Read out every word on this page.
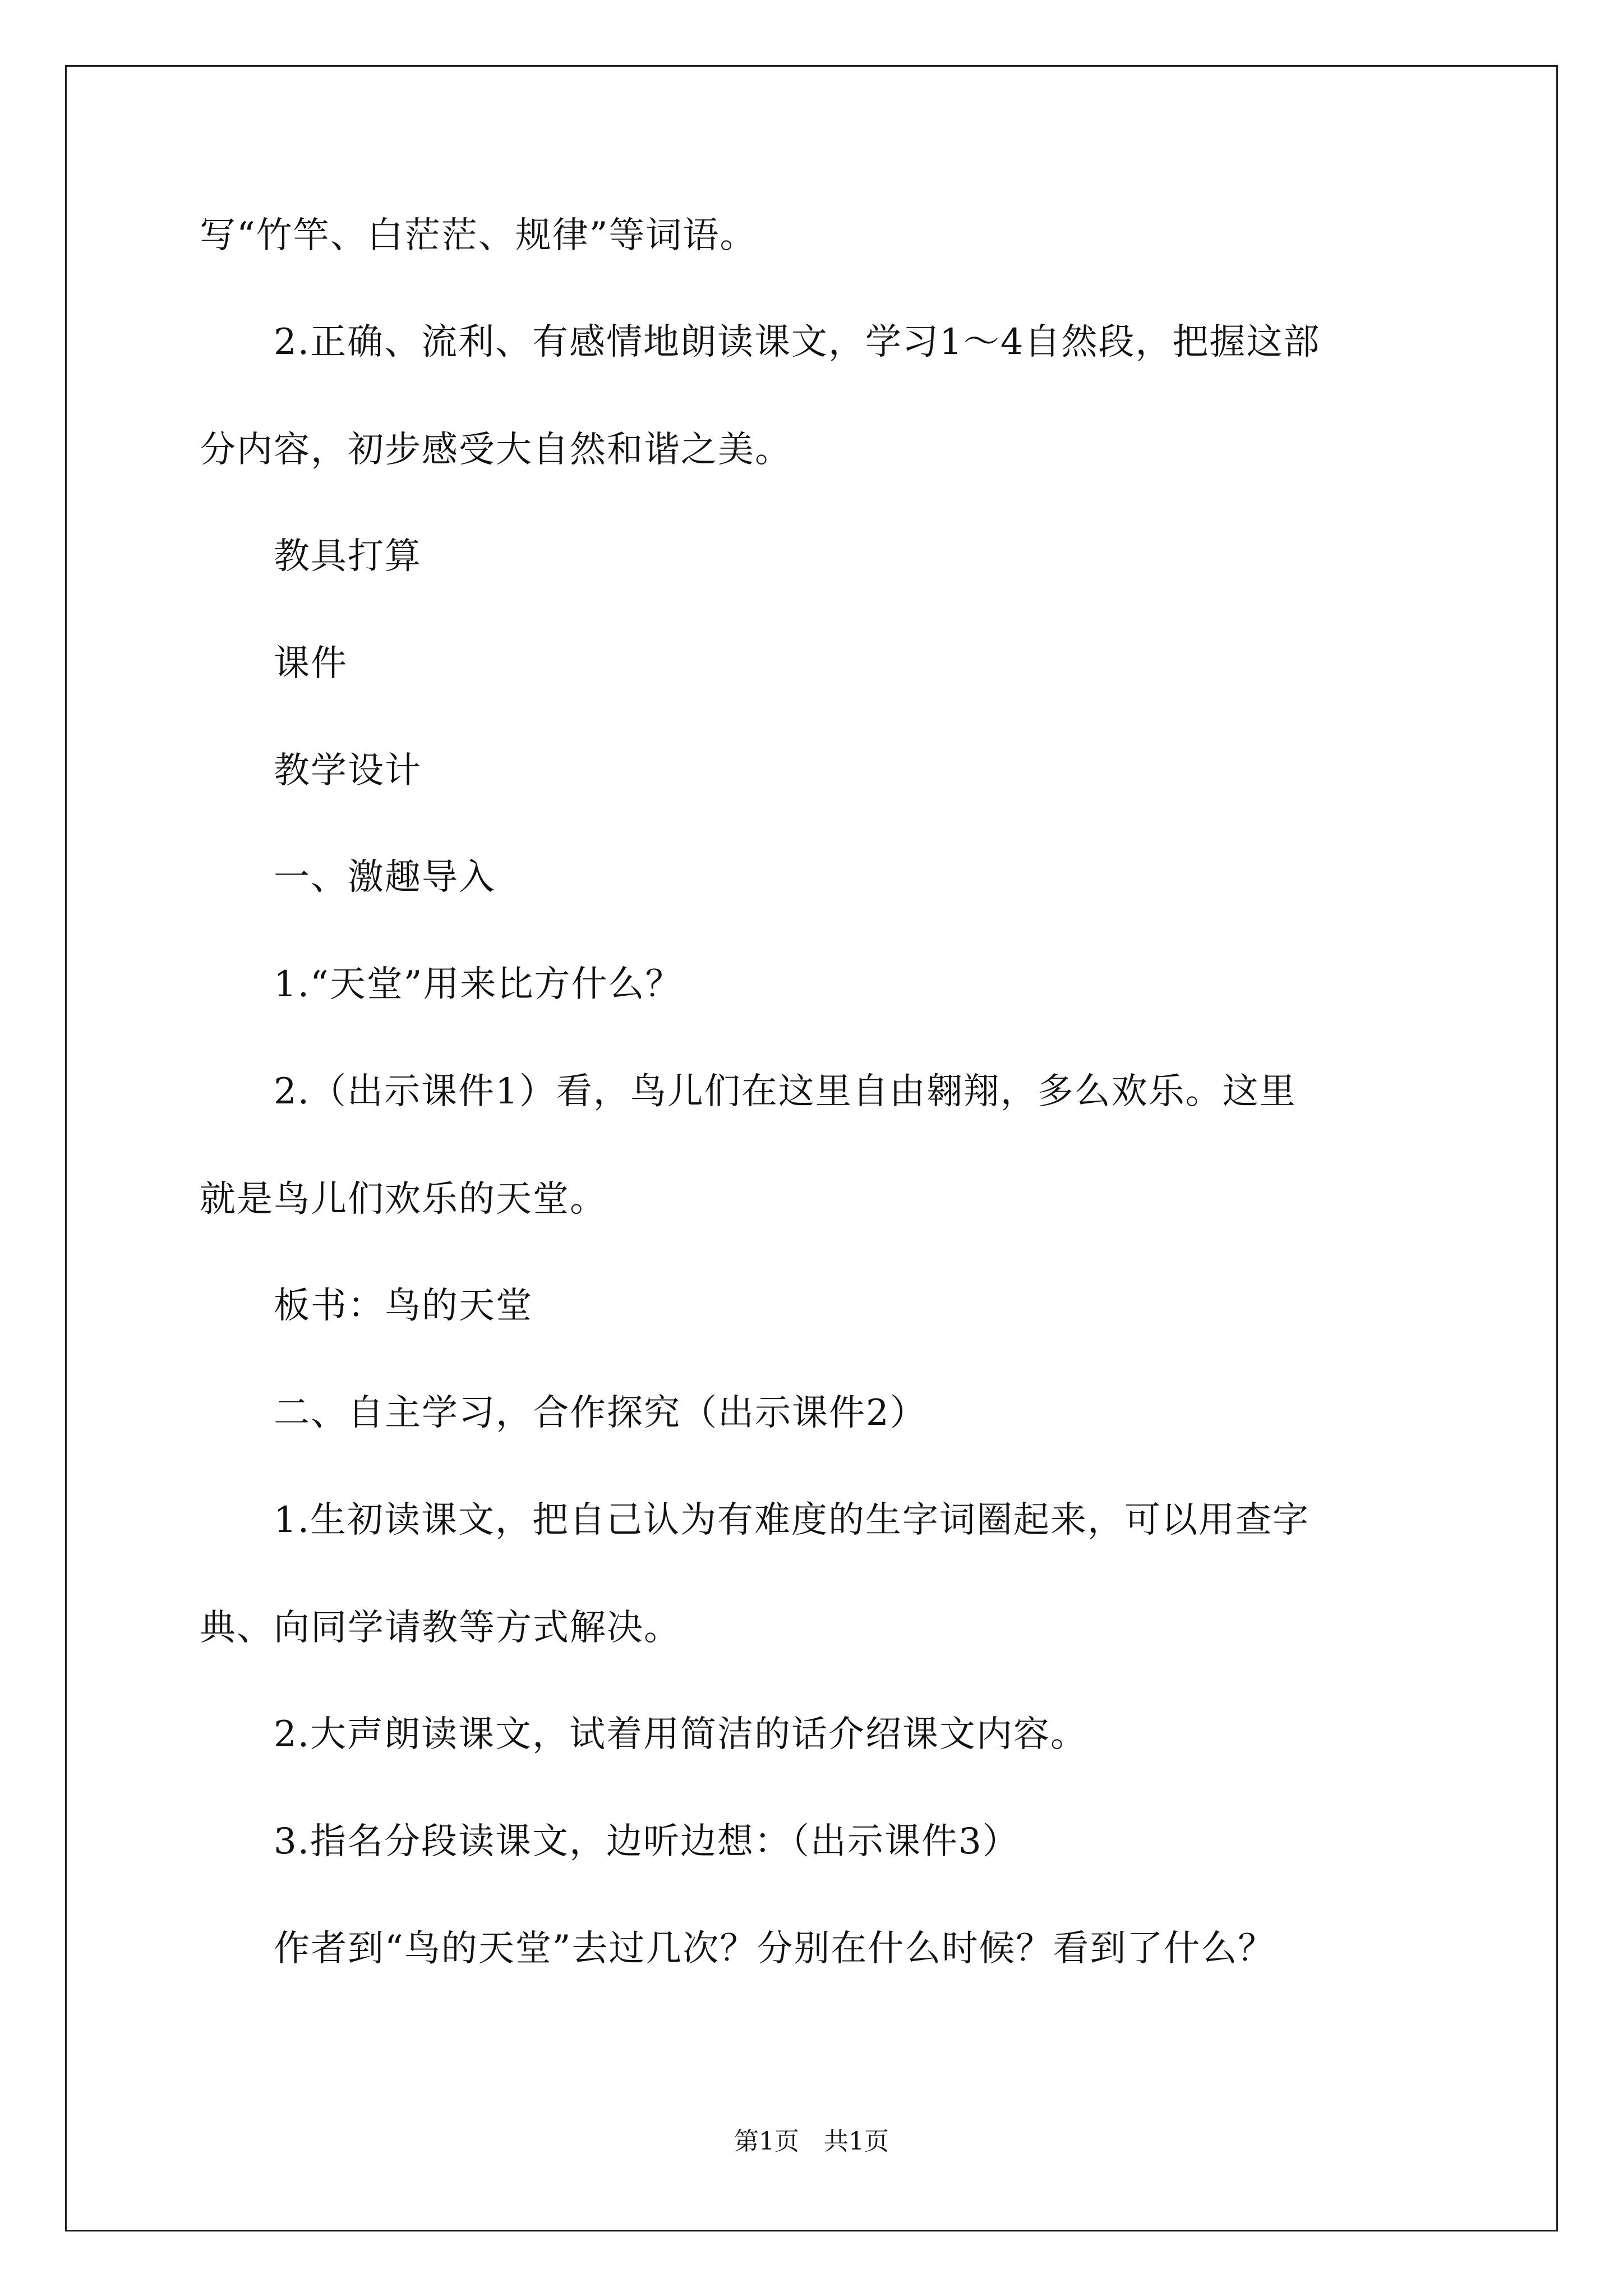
写“竹竿、白茫茫、规律”等词语。
　　2.正确、流利、有感情地朗读课文，学习1～4自然段，把握这部
分内容，初步感受大自然和谐之美。
　　教具打算
　　课件
　　教学设计
　　一、激趣导入
　　1.“天堂”用来比方什么？
　　2.（出示课件1）看，鸟儿们在这里自由翱翔，多么欢乐。这里
就是鸟儿们欢乐的天堂。
　　板书：鸟的天堂
　　二、自主学习，合作探究（出示课件2）
　　1.生初读课文，把自己认为有难度的生字词圈起来，可以用查字
典、向同学请教等方式解决。
　　2.大声朗读课文，试着用简洁的话介绍课文内容。
　　3.指名分段读课文，边听边想：（出示课件3）
　　作者到“鸟的天堂”去过几次？分别在什么时候？看到了什么？
第1页　共1页
